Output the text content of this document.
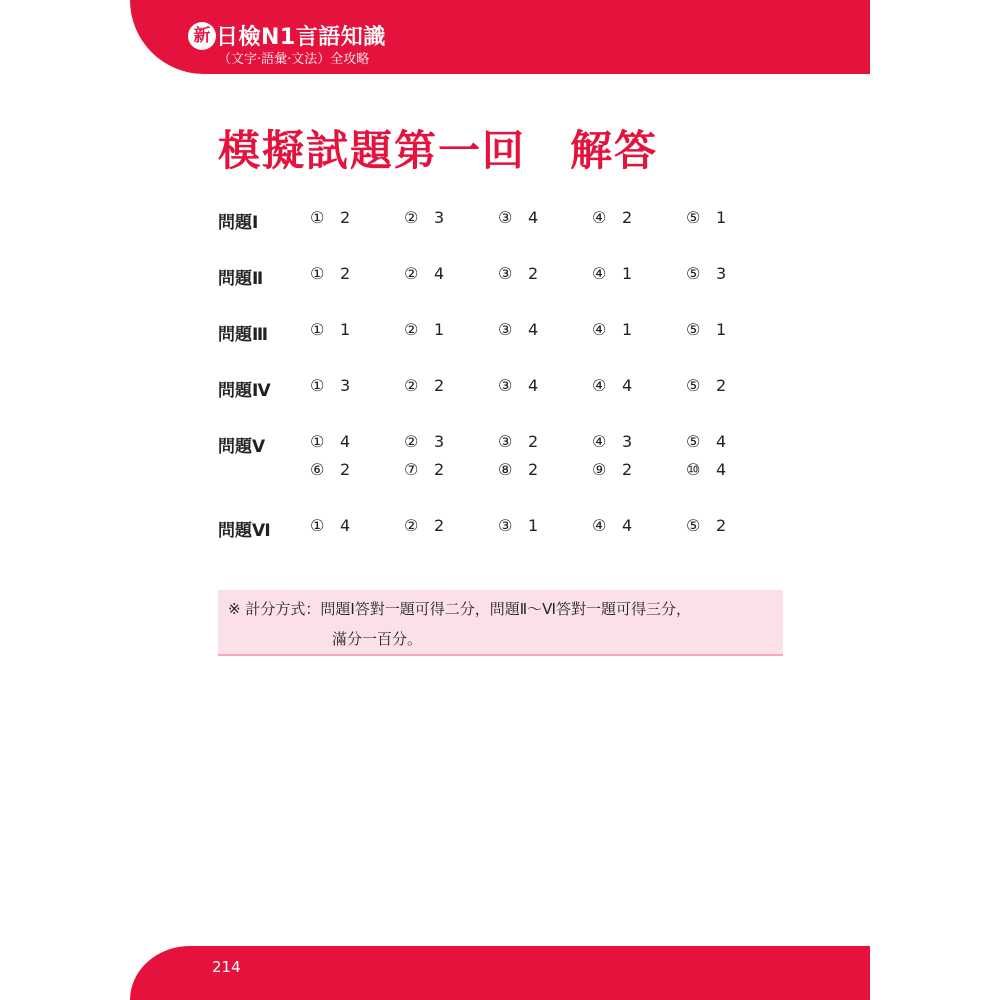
新 日檢N1言語知識
（文字‧語彙‧文法）全攻略
模擬試題第一回　解答
問題Ⅰ	① 2	② 3	③ 4	④ 2	⑤ 1
問題Ⅱ	① 2	② 4	③ 2	④ 1	⑤ 3
問題Ⅲ	① 1	② 1	③ 4	④ 1	⑤ 1
問題Ⅳ ① 3	② 2	③ 4	④ 4	⑤ 2
問題Ⅴ	① 4	② 3	③ 2	④ 3	⑤ 4
⑥ 2	⑦ 2	⑧ 2	⑨ 2	⑩ 4
問題Ⅵ ① 4	② 2	③ 1	④ 4	⑤ 2
※ 計分方式：問題Ⅰ答對一題可得二分，問題Ⅱ～Ⅵ答對一題可得三分，
滿分一百分。
214
